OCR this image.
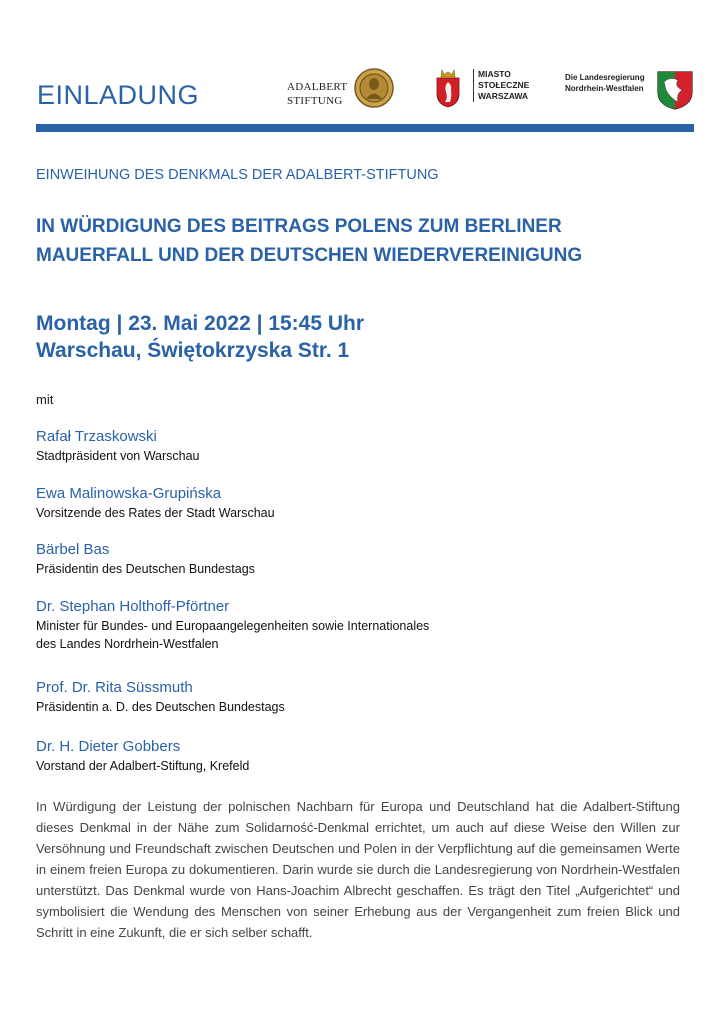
EINLADUNG	ADALBERT
STIFTUNG
MIASTO
STOŁECZNE
WARSZAWA
Die Landesregierung
Nordrhein-Westfalen
EINWEIHUNG DES DENKMALS DER ADALBERT-STIFTUNG
IN WÜRDIGUNG DES BEITRAGS POLENS ZUM BERLINER
MAUERFALL UND DER DEUTSCHEN WIEDERVEREINIGUNG
Montag | 23. Mai 2022 | 15:45 Uhr
Warschau, Świętokrzyska Str. 1
mit
Rafał Trzaskowski
Stadtpräsident von Warschau
Ewa Malinowska-Grupińska
Vorsitzende des Rates der Stadt Warschau
Bärbel Bas
Präsidentin des Deutschen Bundestags
Dr. Stephan Holthoff-Pförtner
Minister für Bundes- und Europaangelegenheiten sowie Internationales
des Landes Nordrhein-Westfalen
Prof. Dr. Rita Süssmuth
Präsidentin a. D. des Deutschen Bundestags
Dr. H. Dieter Gobbers
Vorstand der Adalbert-Stiftung, Krefeld
In Würdigung der Leistung der polnischen Nachbarn für Europa und Deutschland hat die Adalbert-Stiftung dieses Denkmal in der Nähe zum Solidarność-Denkmal errichtet, um auch auf diese Weise den Willen zur Versöhnung und Freundschaft zwischen Deutschen und Polen in der Verpflichtung auf die gemeinsamen Werte in einem freien Europa zu dokumentieren. Darin wurde sie durch die Landesregierung von Nordrhein-Westfalen unterstützt. Das Denkmal wurde von Hans-Joachim Albrecht geschaffen. Es trägt den Titel „Aufgerichtet“ und symbolisiert die Wendung des Menschen von seiner Erhebung aus der Vergangenheit zum freien Blick und Schritt in eine Zukunft, die er sich selber schafft.
